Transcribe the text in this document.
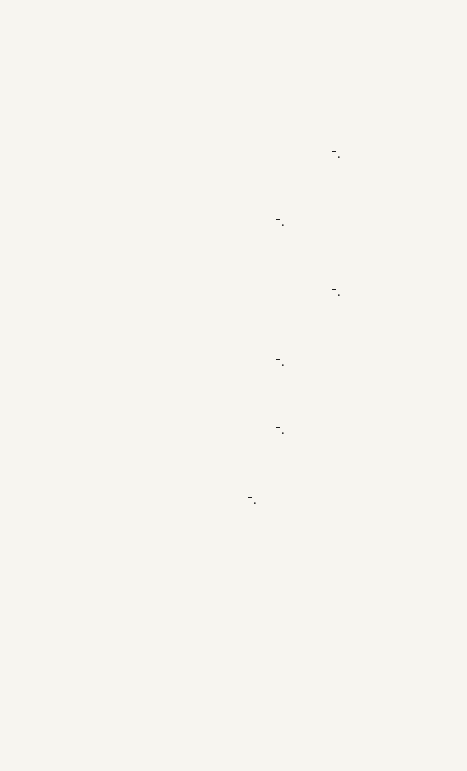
.

.

.

.

.

.
